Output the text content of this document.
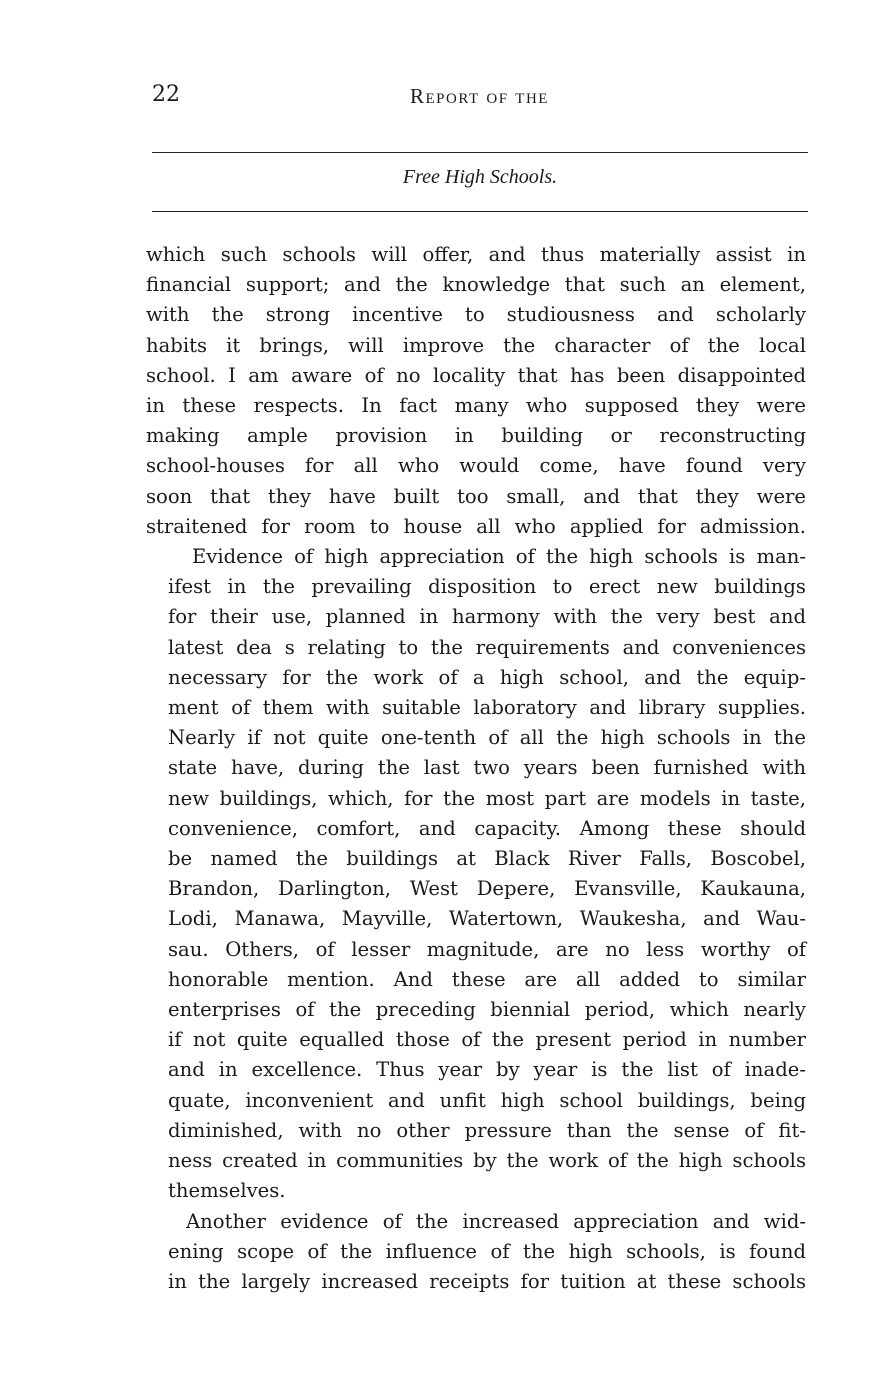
22	Report of the
Free High Schools.

which such schools will offer, and thus materially assist in
financial support; and the knowledge that such an element,
with the strong incentive to studiousness and scholarly
habits it brings, will improve the character of the local
school. I am aware of no locality that has been disappointed
in these respects. In fact many who supposed they were
making ample provision in building or reconstructing
school-houses for all who would come, have found very
soon that they have built too small, and that they were
straitened for room to house all who applied for admission.

Evidence of high appreciation of the high schools is man-
ifest in the prevailing disposition to erect new buildings
for their use, planned in harmony with the very best and
latest dea s relating to the requirements and conveniences
necessary for the work of a high school, and the equip-
ment of them with suitable laboratory and library supplies.
Nearly if not quite one-tenth of all the high schools in the
state have, during the last two years been furnished with
new buildings, which, for the most part are models in taste,
convenience, comfort, and capacity. Among these should
be named the buildings at Black River Falls, Boscobel,
Brandon, Darlington, West Depere, Evansville, Kaukauna,
Lodi, Manawa, Mayville, Watertown, Waukesha, and Wau-
sau. Others, of lesser magnitude, are no less worthy of
honorable mention. And these are all added to similar
enterprises of the preceding biennial period, which nearly
if not quite equalled those of the present period in number
and in excellence. Thus year by year is the list of inade-
quate, inconvenient and unfit high school buildings, being
diminished, with no other pressure than the sense of fit-
ness created in communities by the work of the high schools
themselves.

Another evidence of the increased appreciation and wid-
ening scope of the influence of the high schools, is found
in the largely increased receipts for tuition at these schools
